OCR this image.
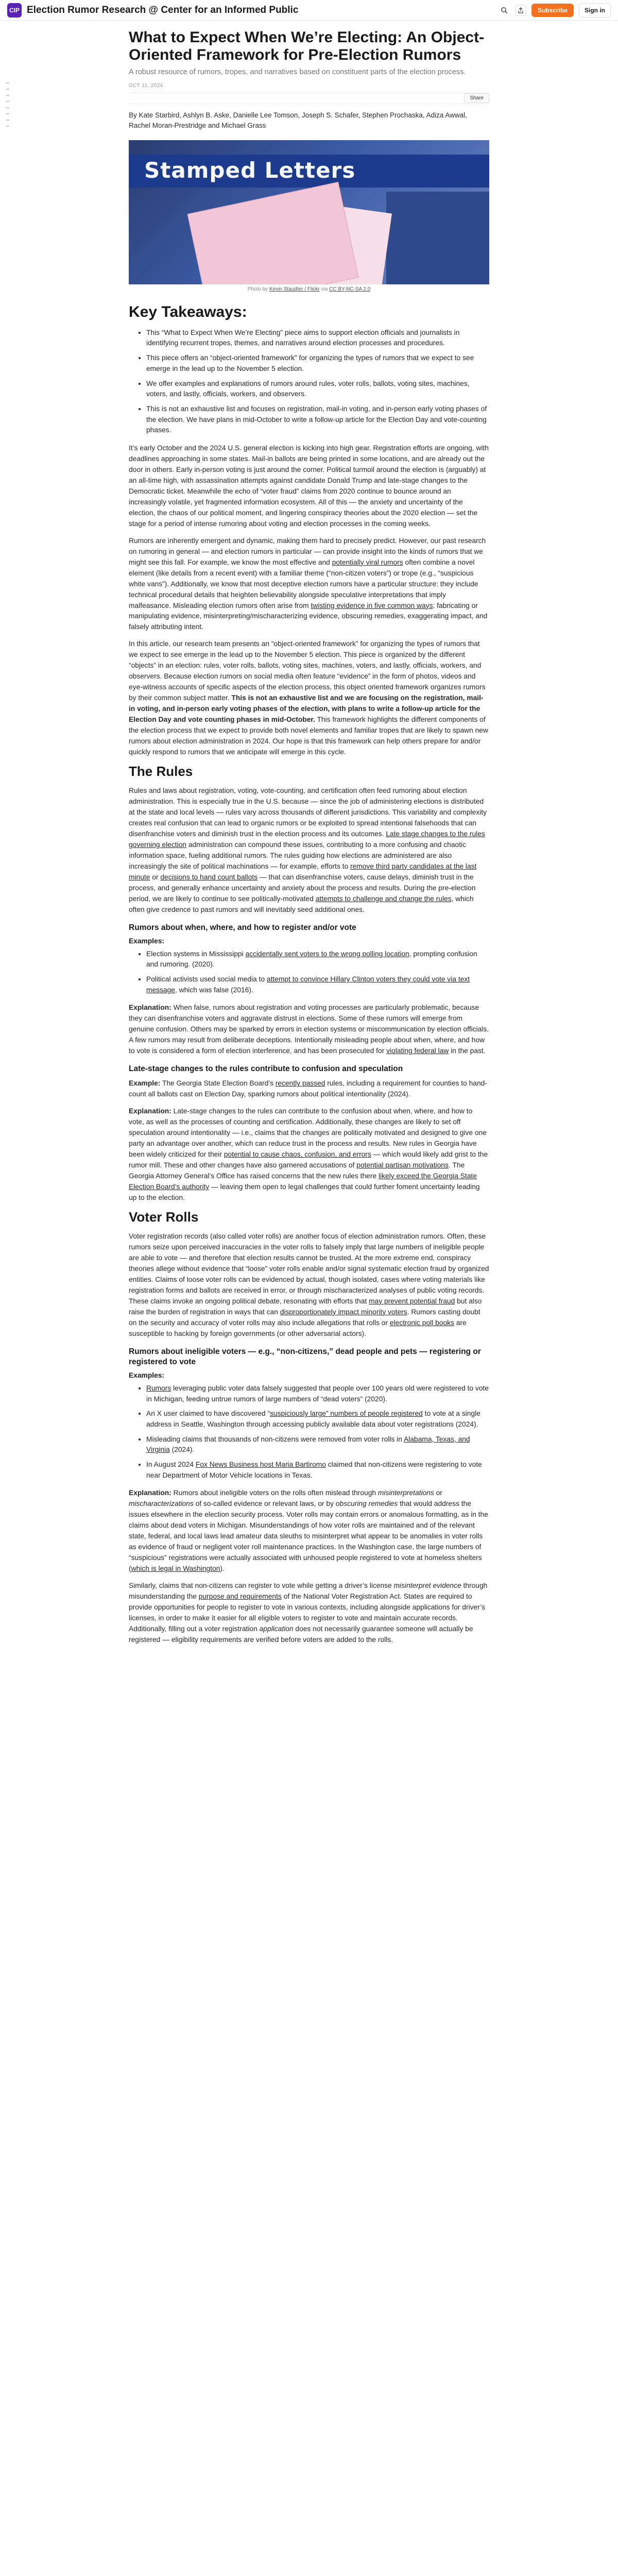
CIP Election Rumor Research @ Center for an Informed Public	Subscribe	Sign in
What to Expect When We’re Electing: An Object-Oriented Framework for Pre-Election Rumors
A robust resource of rumors, tropes, and narratives based on constituent parts of the election process.
OCT 11, 2024
Share
By Kate Starbird, Ashlyn B. Aske, Danielle Lee Tomson, Joseph S. Schafer, Stephen Prochaska, Adiza Awwal, Rachel Moran-Prestridge and Michael Grass
Stamped Letters
Photo by Kevin Staudter / Flickr via CC BY-NC-SA 2.0
Key Takeaways:
• This “What to Expect When We’re Electing” piece aims to support election officials and journalists in identifying recurrent tropes, themes, and narratives around election processes and procedures.
• This piece offers an “object-oriented framework” for organizing the types of rumors that we expect to see emerge in the lead up to the November 5 election.
• We offer examples and explanations of rumors around rules, voter rolls, ballots, voting sites, machines, voters, and lastly, officials, workers, and observers.
• This is not an exhaustive list and focuses on registration, mail-in voting, and in-person early voting phases of the election. We have plans in mid-October to write a follow-up article for the Election Day and vote-counting phases.

It’s early October and the 2024 U.S. general election is kicking into high gear. Registration efforts are ongoing, with deadlines approaching in some states. Mail-in ballots are being printed in some locations, and are already out the door in others. Early in-person voting is just around the corner. Political turmoil around the election is (arguably) at an all-time high, with assassination attempts against candidate Donald Trump and late-stage changes to the Democratic ticket. Meanwhile the echo of “voter fraud” claims from 2020 continue to bounce around an increasingly volatile, yet fragmented information ecosystem. All of this — the anxiety and uncertainty of the election, the chaos of our political moment, and lingering conspiracy theories about the 2020 election — set the stage for a period of intense rumoring about voting and election processes in the coming weeks.

Rumors are inherently emergent and dynamic, making them hard to precisely predict. However, our past research on rumoring in general — and election rumors in particular — can provide insight into the kinds of rumors that we might see this fall. For example, we know the most effective and potentially viral rumors often combine a novel element (like details from a recent event) with a familiar theme (“non-citizen voters”) or trope (e.g., “suspicious white vans”). Additionally, we know that most deceptive election rumors have a particular structure: they include technical procedural details that heighten believability alongside speculative interpretations that imply malfeasance. Misleading election rumors often arise from twisting evidence in five common ways: fabricating or manipulating evidence, misinterpreting/mischaracterizing evidence, obscuring remedies, exaggerating impact, and falsely attributing intent.

In this article, our research team presents an “object-oriented framework” for organizing the types of rumors that we expect to see emerge in the lead up to the November 5 election. This piece is organized by the different “objects” in an election: rules, voter rolls, ballots, voting sites, machines, voters, and lastly, officials, workers, and observers. Because election rumors on social media often feature “evidence” in the form of photos, videos and eye-witness accounts of specific aspects of the election process, this object oriented framework organizes rumors by their common subject matter. This is not an exhaustive list and we are focusing on the registration, mail-in voting, and in-person early voting phases of the election, with plans to write a follow-up article for the Election Day and vote counting phases in mid-October. This framework highlights the different components of the election process that we expect to provide both novel elements and familiar tropes that are likely to spawn new rumors about election administration in 2024. Our hope is that this framework can help others prepare for and/or quickly respond to rumors that we anticipate will emerge in this cycle.

The Rules

Rules and laws about registration, voting, vote-counting, and certification often feed rumoring about election administration. This is especially true in the U.S. because — since the job of administering elections is distributed at the state and local levels — rules vary across thousands of different jurisdictions. This variability and complexity creates real confusion that can lead to organic rumors or be exploited to spread intentional falsehoods that can disenfranchise voters and diminish trust in the election process and its outcomes. Late stage changes to the rules governing election administration can compound these issues, contributing to a more confusing and chaotic information space, fueling additional rumors. The rules guiding how elections are administered are also increasingly the site of political machinations — for example, efforts to remove third party candidates at the last minute or decisions to hand count ballots — that can disenfranchise voters, cause delays, diminish trust in the process, and generally enhance uncertainty and anxiety about the process and results. During the pre-election period, we are likely to continue to see politically-motivated attempts to challenge and change the rules, which often give credence to past rumors and will inevitably seed additional ones.

Rumors about when, where, and how to register and/or vote
Examples:
• Election systems in Mississippi accidentally sent voters to the wrong polling location, prompting confusion and rumoring. (2020).
• Political activists used social media to attempt to convince Hillary Clinton voters they could vote via text message, which was false (2016).

Explanation: When false, rumors about registration and voting processes are particularly problematic, because they can disenfranchise voters and aggravate distrust in elections. Some of these rumors will emerge from genuine confusion. Others may be sparked by errors in election systems or miscommunication by election officials. A few rumors may result from deliberate deceptions. Intentionally misleading people about when, where, and how to vote is considered a form of election interference, and has been prosecuted for violating federal law in the past.

Late-stage changes to the rules contribute to confusion and speculation

Example: The Georgia State Election Board’s recently passed rules, including a requirement for counties to hand-count all ballots cast on Election Day, sparking rumors about political intentionality (2024).

Explanation: Late-stage changes to the rules can contribute to the confusion about when, where, and how to vote, as well as the processes of counting and certification. Additionally, these changes are likely to set off speculation around intentionality — i.e., claims that the changes are politically motivated and designed to give one party an advantage over another, which can reduce trust in the process and results. New rules in Georgia have been widely criticized for their potential to cause chaos, confusion, and errors — which would likely add grist to the rumor mill. These and other changes have also garnered accusations of potential partisan motivations. The Georgia Attorney General’s Office has raised concerns that the new rules there likely exceed the Georgia State Election Board’s authority — leaving them open to legal challenges that could further foment uncertainty leading up to the election.

Voter Rolls

Voter registration records (also called voter rolls) are another focus of election administration rumors. Often, these rumors seize upon perceived inaccuracies in the voter rolls to falsely imply that large numbers of ineligible people are able to vote — and therefore that election results cannot be trusted. At the more extreme end, conspiracy theories allege without evidence that “loose” voter rolls enable and/or signal systematic election fraud by organized entities. Claims of loose voter rolls can be evidenced by actual, though isolated, cases where voting materials like registration forms and ballots are received in error, or through mischaracterized analyses of public voting records. These claims invoke an ongoing political debate, resonating with efforts that may prevent potential fraud but also raise the burden of registration in ways that can disproportionately impact minority voters. Rumors casting doubt on the security and accuracy of voter rolls may also include allegations that rolls or electronic poll books are susceptible to hacking by foreign governments (or other adversarial actors).

Rumors about ineligible voters — e.g., “non-citizens,” dead people and pets — registering or registered to vote
Examples:
• Rumors leveraging public voter data falsely suggested that people over 100 years old were registered to vote in Michigan, feeding untrue rumors of large numbers of “dead voters” (2020).
• An X user claimed to have discovered “suspiciously large” numbers of people registered to vote at a single address in Seattle, Washington through accessing publicly available data about voter registrations (2024).
• Misleading claims that thousands of non-citizens were removed from voter rolls in Alabama, Texas, and Virginia (2024).
• In August 2024 Fox News Business host Maria Bartiromo claimed that non-citizens were registering to vote near Department of Motor Vehicle locations in Texas.

Explanation: Rumors about ineligible voters on the rolls often mislead through misinterpretations or mischaracterizations of so-called evidence or relevant laws, or by obscuring remedies that would address the issues elsewhere in the election security process. Voter rolls may contain errors or anomalous formatting, as in the claims about dead voters in Michigan. Misunderstandings of how voter rolls are maintained and of the relevant state, federal, and local laws lead amateur data sleuths to misinterpret what appear to be anomalies in voter rolls as evidence of fraud or negligent voter roll maintenance practices. In the Washington case, the large numbers of “suspicious” registrations were actually associated with unhoused people registered to vote at homeless shelters (which is legal in Washington).

Similarly, claims that non-citizens can register to vote while getting a driver’s license misinterpret evidence through misunderstanding the purpose and requirements of the National Voter Registration Act. States are required to provide opportunities for people to register to vote in various contexts, including alongside applications for driver’s licenses, in order to make it easier for all eligible voters to register to vote and maintain accurate records. Additionally, filling out a voter registration application does not necessarily guarantee someone will actually be registered — eligibility requirements are verified before voters are added to the rolls.
